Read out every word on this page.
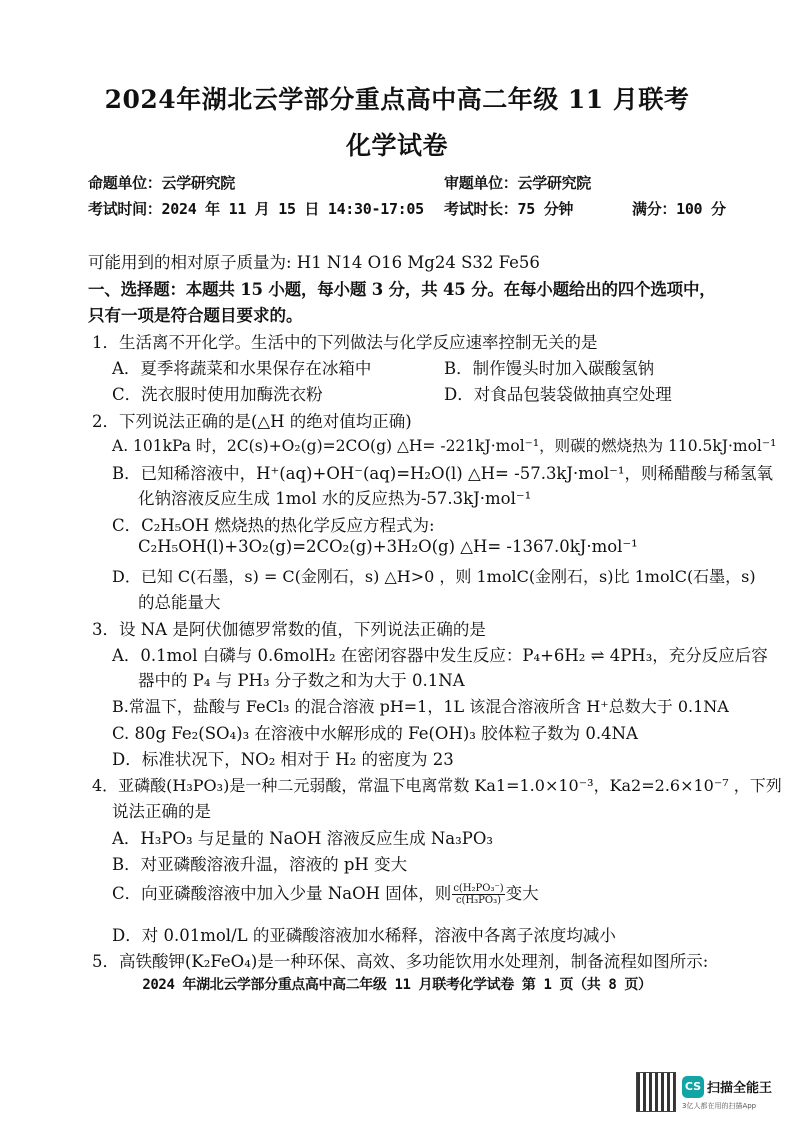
2024年湖北云学部分重点高中高二年级 11 月联考
化学试卷
命题单位：云学研究院	审题单位：云学研究院
考试时间：2024 年 11 月 15 日 14:30-17:05 考试时长：75 分钟	满分：100 分
可能用到的相对原子质量为: H1 N14 O16 Mg24 S32 Fe56
一、选择题：本题共 15 小题，每小题 3 分，共 45 分。在每小题给出的四个选项中，
只有一项是符合题目要求的。
1．生活离不开化学。生活中的下列做法与化学反应速率控制无关的是
A．夏季将蔬菜和水果保存在冰箱中	B．制作馒头时加入碳酸氢钠
C．洗衣服时使用加酶洗衣粉	D．对食品包装袋做抽真空处理
2．下列说法正确的是(△H 的绝对值均正确)
A. 101kPa 时，2C(s)+O₂(g)=2CO(g) △H= -221kJ·mol⁻¹，则碳的燃烧热为 110.5kJ·mol⁻¹
B．已知稀溶液中，H⁺(aq)+OH⁻(aq)=H₂O(l) △H= -57.3kJ·mol⁻¹，则稀醋酸与稀氢氧
化钠溶液反应生成 1mol 水的反应热为-57.3kJ·mol⁻¹
C．C₂H₅OH 燃烧热的热化学反应方程式为:
C₂H₅OH(l)+3O₂(g)=2CO₂(g)+3H₂O(g) △H= -1367.0kJ·mol⁻¹
D．已知 C(石墨，s) = C(金刚石，s) △H>0 ，则 1molC(金刚石，s)比 1molC(石墨，s)
的总能量大
3．设 NA 是阿伏伽德罗常数的值，下列说法正确的是
A．0.1mol 白磷与 0.6molH₂ 在密闭容器中发生反应：P₄+6H₂ ⇌ 4PH₃，充分反应后容
器中的 P₄ 与 PH₃ 分子数之和为大于 0.1NA
B.常温下，盐酸与 FeCl₃ 的混合溶液 pH=1，1L 该混合溶液所含 H⁺总数大于 0.1NA
C. 80g Fe₂(SO₄)₃ 在溶液中水解形成的 Fe(OH)₃ 胶体粒子数为 0.4NA
D．标准状况下，NO₂ 相对于 H₂ 的密度为 23
4．亚磷酸(H₃PO₃)是一种二元弱酸，常温下电离常数 Ka1=1.0×10⁻³，Ka2=2.6×10⁻⁷ ，下列
说法正确的是
A．H₃PO₃ 与足量的 NaOH 溶液反应生成 Na₃PO₃
B．对亚磷酸溶液升温，溶液的 pH 变大
C．向亚磷酸溶液中加入少量 NaOH 固体，则 $\frac{\text{c(H₂PO₃⁻)}}{\text{c(H₃PO₃)}}$ 变大
D．对 0.01mol/L 的亚磷酸溶液加水稀释，溶液中各离子浓度均减小
5．高铁酸钾(K₂FeO₄)是一种环保、高效、多功能饮用水处理剂，制备流程如图所示:
2024 年湖北云学部分重点高中高二年级 11 月联考化学试卷 第 1 页（共 8 页）
CS 扫描全能王
3亿人都在用的扫描App
